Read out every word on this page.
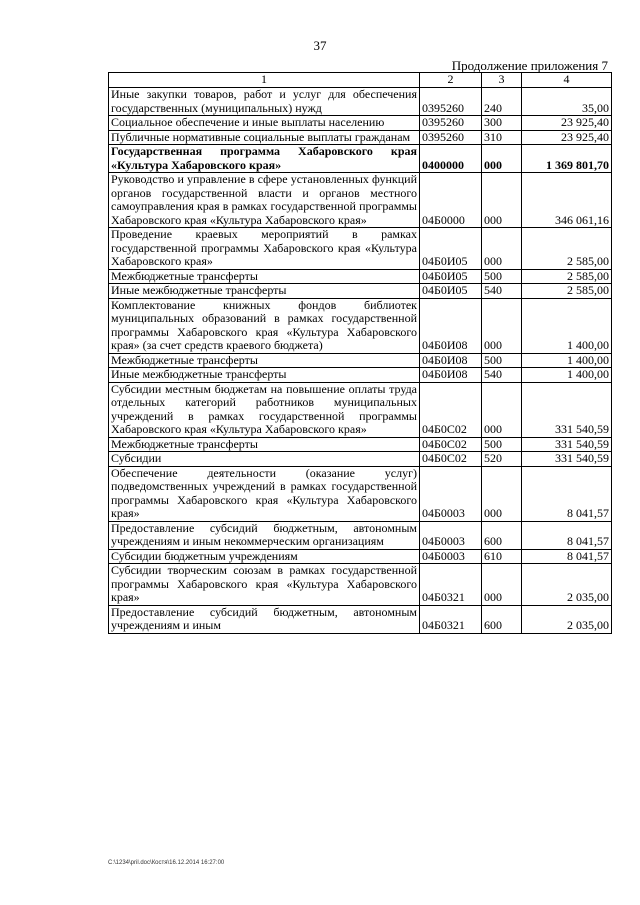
37
Продолжение приложения 7
1	2	3	4
Иные закупки товаров, работ и услуг для обеспечения государственных (муниципальных) нужд	0395260	240	35,00
Социальное обеспечение и иные выплаты населению	0395260	300	23 925,40
Публичные нормативные социальные выплаты гражданам	0395260	310	23 925,40
Государственная программа Хабаровского края «Культура Хабаровского края»	0400000	000	1 369 801,70
Руководство и управление в сфере установленных функций органов государственной власти и органов местного самоуправления края в рамках государственной программы Хабаровского края «Культура Хабаровского края»	04Б0000	000	346 061,16
Проведение краевых мероприятий в рамках государственной программы Хабаровского края «Культура Хабаровского края»	04Б0И05	000	2 585,00
Межбюджетные трансферты	04Б0И05	500	2 585,00
Иные межбюджетные трансферты	04Б0И05	540	2 585,00
Комплектование книжных фондов библиотек муниципальных образований в рамках государственной программы Хабаровского края «Культура Хабаровского края» (за счет средств краевого бюджета)	04Б0И08	000	1 400,00
Межбюджетные трансферты	04Б0И08	500	1 400,00
Иные межбюджетные трансферты	04Б0И08	540	1 400,00
Субсидии местным бюджетам на повышение оплаты труда отдельных категорий работников муниципальных учреждений в рамках государственной программы Хабаровского края «Культура Хабаровского края»	04Б0С02	000	331 540,59
Межбюджетные трансферты	04Б0С02	500	331 540,59
Субсидии	04Б0С02	520	331 540,59
Обеспечение деятельности (оказание услуг) подведомственных учреждений в рамках государственной программы Хабаровского края «Культура Хабаровского края»	04Б0003	000	8 041,57
Предоставление субсидий бюджетным, автономным учреждениям и иным некоммерческим организациям	04Б0003	600	8 041,57
Субсидии бюджетным учреждениям	04Б0003	610	8 041,57
Субсидии творческим союзам в рамках государственной программы Хабаровского края «Культура Хабаровского края»	04Б0321	000	2 035,00
Предоставление субсидий бюджетным, автономным учреждениям и иным	04Б0321	600	2 035,00
C:\1234\pril.doc\Костя\16.12.2014 16:27:00
